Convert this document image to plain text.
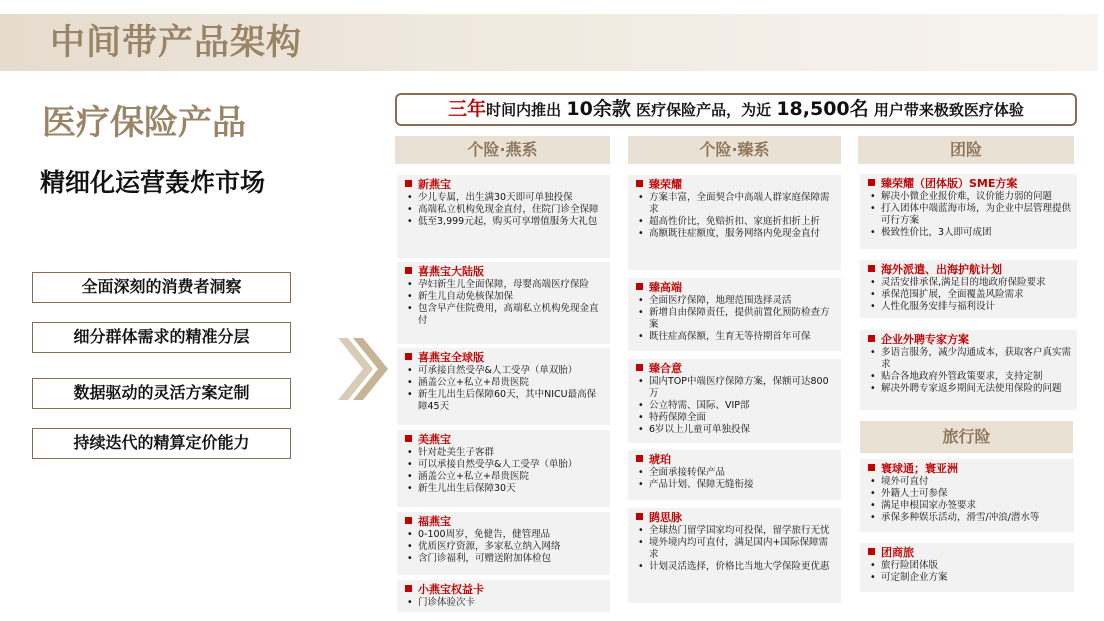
中间带产品架构
医疗保险产品
精细化运营轰炸市场
全面深刻的消费者洞察
细分群体需求的精准分层
数据驱动的灵活方案定制
持续迭代的精算定价能力
三年时间内推出 10余款 医疗保险产品，为近 18,500名 用户带来极致医疗体验
个险·燕系	个险·臻系	团险
旅行险
新燕宝
• 少儿专属，出生满30天即可单独投保
• 高端私立机构免现金直付，住院门诊全保障
• 低至3,999元起，购买可享增值服务大礼包
喜燕宝大陆版
• 孕妇新生儿全面保障，母婴高端医疗保险
• 新生儿自动免核保加保
• 包含早产住院费用，高端私立机构免现金直付
喜燕宝全球版
• 可承接自然受孕&人工受孕（单双胎）
• 涵盖公立+私立+昂贵医院
• 新生儿出生后保障60天，其中NICU最高保障45天
美燕宝
• 针对赴美生子客群
• 可以承接自然受孕&人工受孕（单胎）
• 涵盖公立+私立+昂贵医院
• 新生儿出生后保障30天
福燕宝
• 0-100周岁，免健告，健管理品
• 优质医疗资源，多家私立纳入网络
• 含门诊福利，可赠送附加体检包
小燕宝权益卡
• 门诊体验次卡
臻荣耀
• 方案丰富，全面契合中高端人群家庭保障需求
• 超高性价比，免赔折扣、家庭折扣折上折
• 高额既往症额度，服务网络内免现金直付
臻高端
• 全面医疗保障，地理范围选择灵活
• 新增自由保障责任，提供前置化预防检查方案
• 既往症高保额，生育无等待期首年可保
臻合意
• 国内TOP中端医疗保障方案，保额可达800万
• 公立特需、国际、VIP部
• 特药保障全面
• 6岁以上儿童可单独投保
琥珀
• 全面承接转保产品
• 产品计划、保障无缝衔接
鹍思脉
• 全球热门留学国家均可投保，留学旅行无忧
• 境外境内均可直付，满足国内+国际保障需求
• 计划灵活选择，价格比当地大学保险更优惠
臻荣耀（团体版）SME方案
• 解决小微企业报价难，议价能力弱的问题
• 打入团体中端蓝海市场，为企业中层管理提供可行方案
• 极致性价比，3人即可成团
海外派遣、出海护航计划
• 灵活安排承保,满足目的地政府保险要求
• 承保范围扩展，全面覆盖风险需求
• 人性化服务安排与福利设计
企业外聘专家方案
• 多语言服务，减少沟通成本，获取客户真实需求
• 贴合各地政府外管政策要求，支持定制
• 解决外聘专家返乡期间无法使用保险的问题
寰球通；寰亚洲
• 境外可直付
• 外籍人士可参保
• 满足申根国家办签要求
• 承保多种娱乐活动，滑雪/冲浪/潜水等
团商旅
• 旅行险团体版
• 可定制企业方案
